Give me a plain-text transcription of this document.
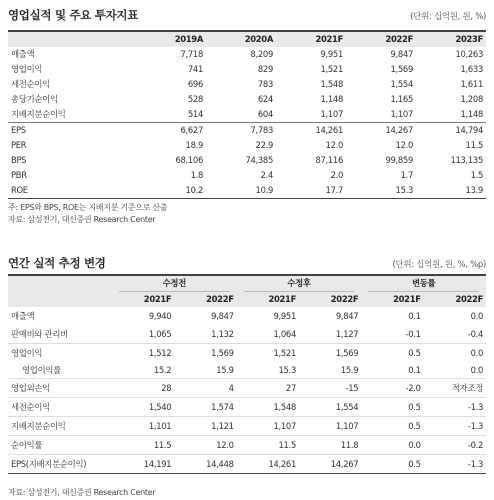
영업실적 및 주요 투자지표	(단위: 십억원, 원, %)
	2019A	2020A	2021F	2022F	2023F
매출액	7,718	8,209	9,951	9,847	10,263
영업이익	741	829	1,521	1,569	1,633
세전순이익	696	783	1,548	1,554	1,611
총당기순이익	528	624	1,148	1,165	1,208
지배지분순이익	514	604	1,107	1,107	1,148
EPS	6,627	7,783	14,261	14,267	14,794
PER	18.9	22.9	12.0	12.0	11.5
BPS	68,106	74,385	87,116	99,859	113,135
PBR	1.8	2.4	2.0	1.7	1.5
ROE	10.2	10.9	17.7	15.3	13.9
주: EPS와 BPS, ROE는 지배지분 기준으로 산출
자료: 삼성전기, 대신증권 Research Center
연간 실적 추정 변경	(단위: 십억원, 원, %, %p)

	수정전		수정후		변동률	

	2021F	2022F	2021F	2022F	2021F	2022F
매출액	9,940	9,847	9,951	9,847	0.1	0.0
판매비와 관리비	1,065	1,132	1,064	1,127	-0.1	-0.4
영업이익	1,512	1,569	1,521	1,569	0.5	0.0
영업이익률	15.2	15.9	15.3	15.9	0.1	0.0
영업외손익	28	4	27	-15	-2.0	적자조정
세전순이익	1,540	1,574	1,548	1,554	0.5	-1.3
지배지분순이익	1,101	1,121	1,107	1,107	0.5	-1.3
순이익률	11.5	12.0	11.5	11.8	0.0	-0.2
EPS(지배지분순이익)	14,191	14,448	14,261	14,267	0.5	-1.3
자료: 삼성전기, 대신증권 Research Center
